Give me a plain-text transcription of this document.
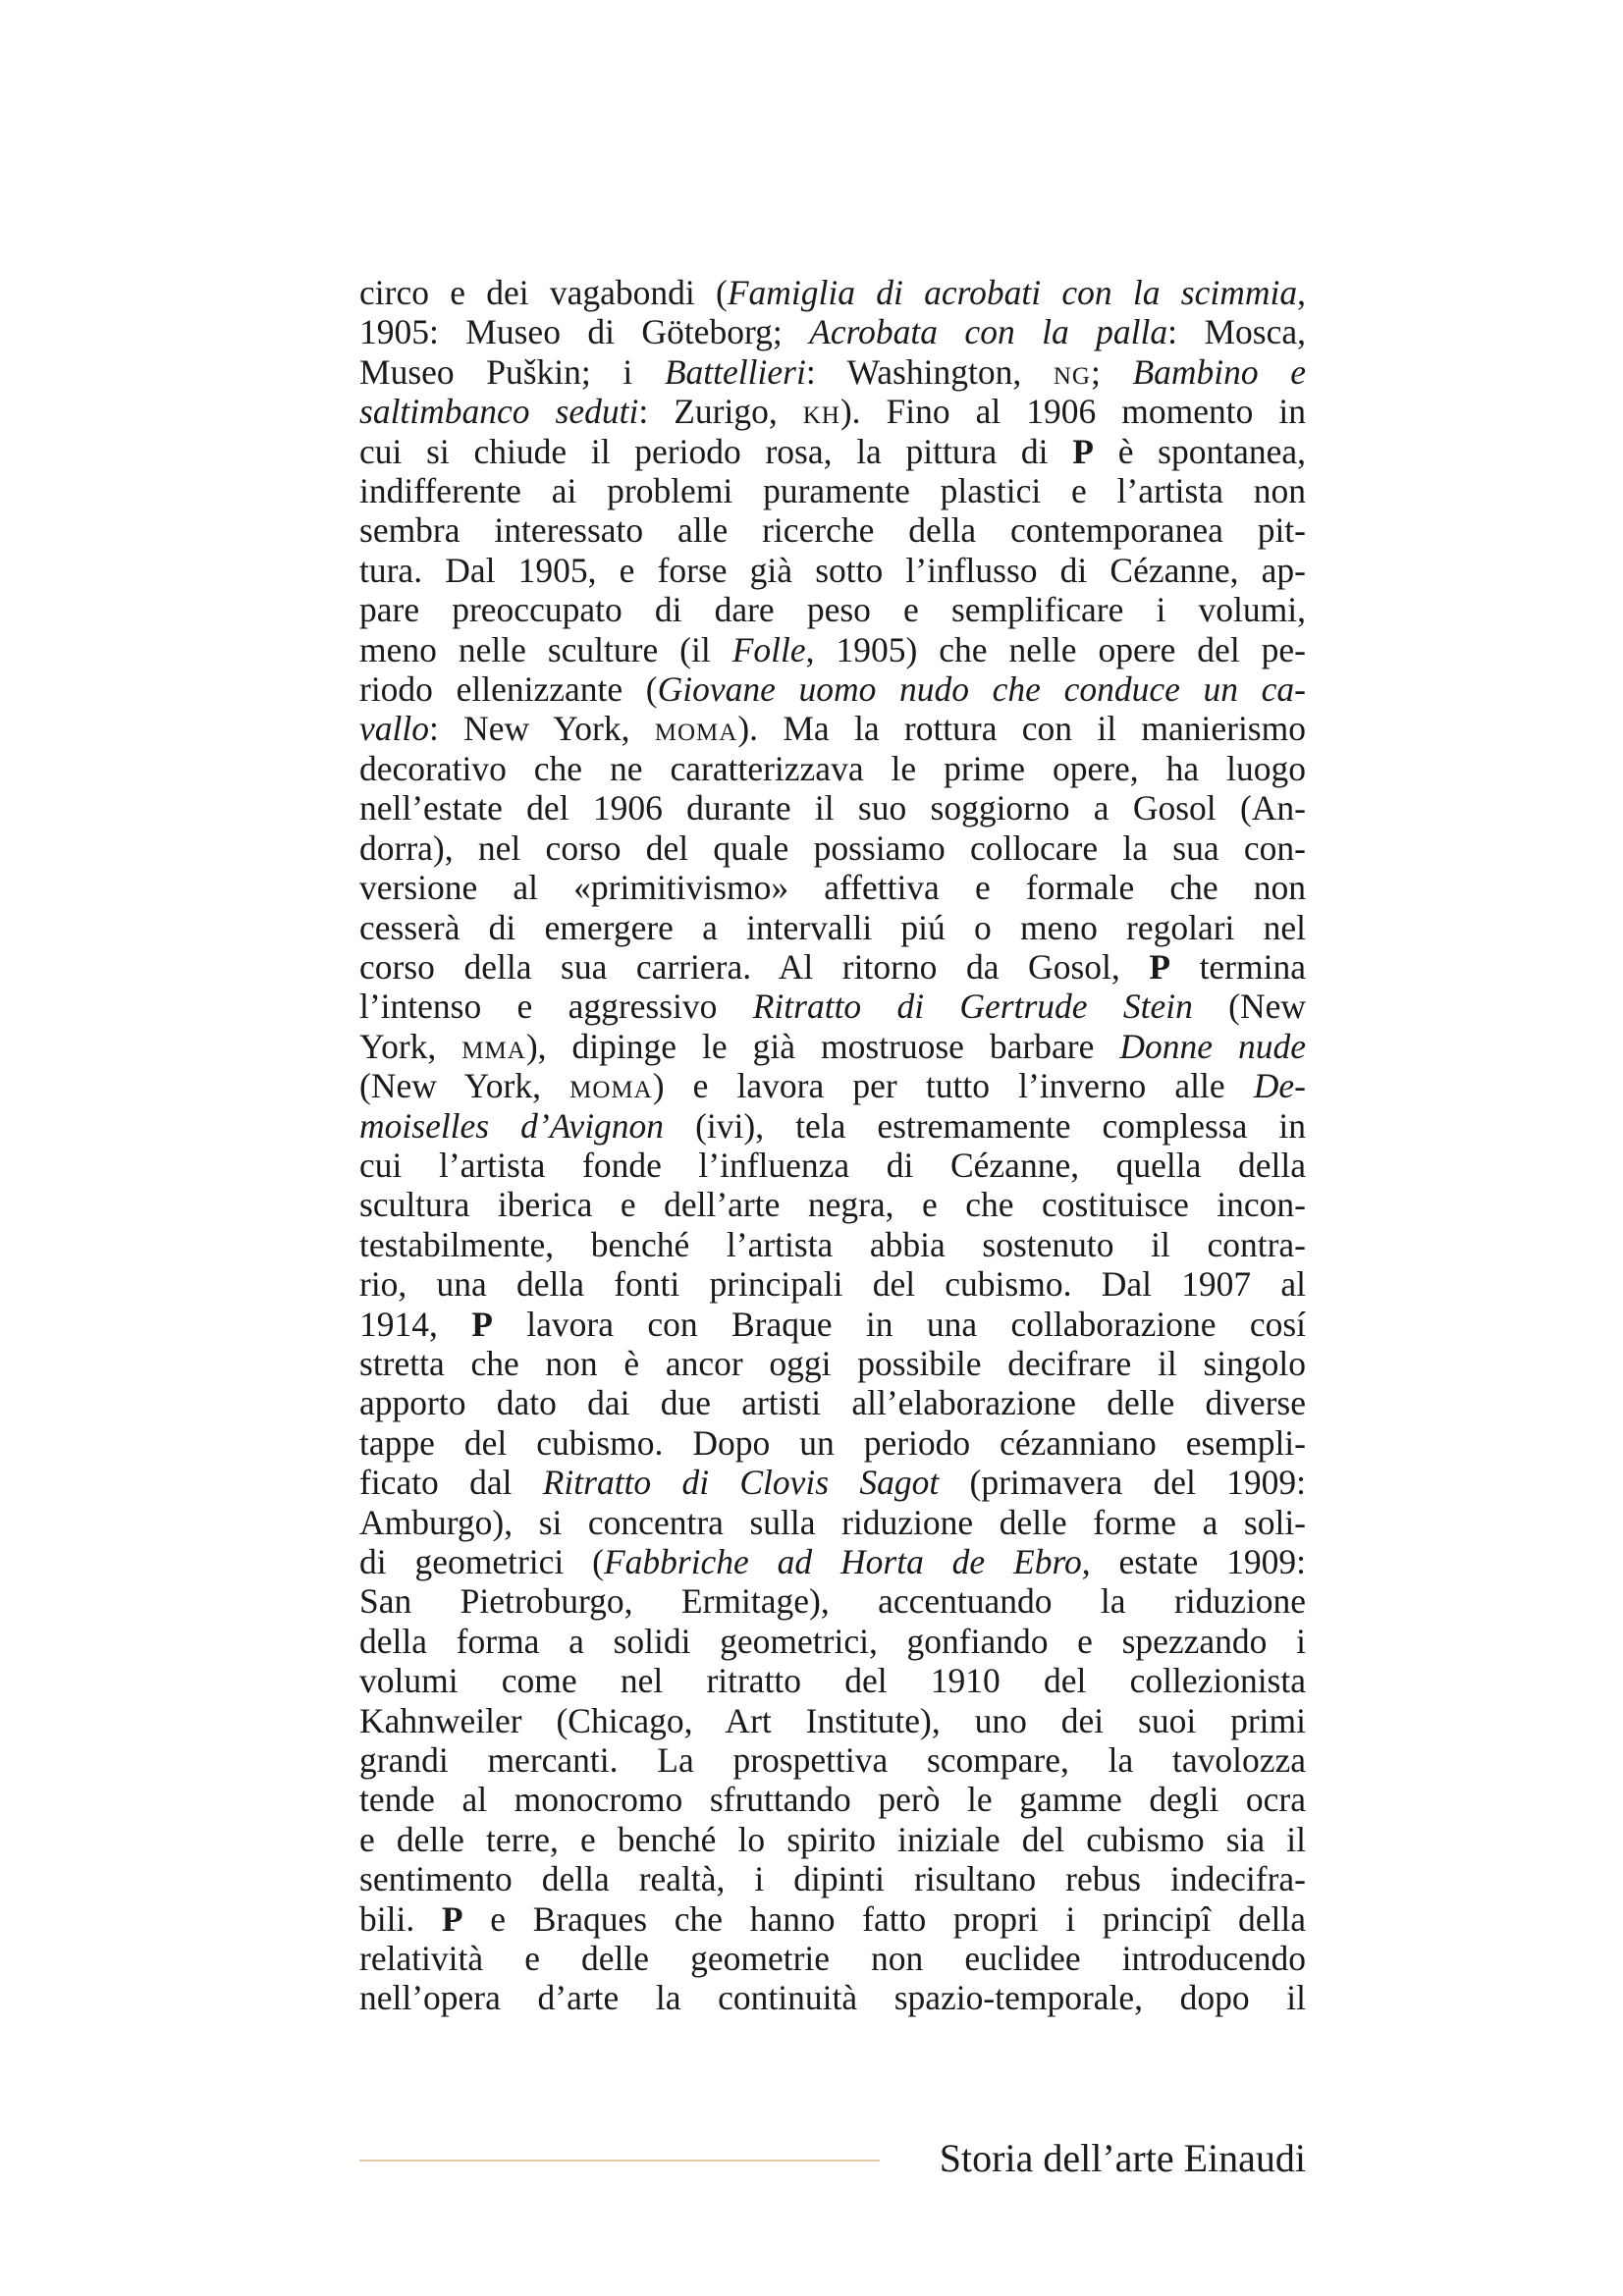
circo e dei vagabondi (Famiglia di acrobati con la scimmia,
1905: Museo di Göteborg; Acrobata con la palla: Mosca,
Museo Puškin; i Battellieri: Washington, ng; Bambino e
saltimbanco seduti: Zurigo, kh). Fino al 1906 momento in
cui si chiude il periodo rosa, la pittura di P è spontanea,
indifferente ai problemi puramente plastici e l’artista non
sembra interessato alle ricerche della contemporanea pit-
tura. Dal 1905, e forse già sotto l’influsso di Cézanne, ap-
pare preoccupato di dare peso e semplificare i volumi,
meno nelle sculture (il Folle, 1905) che nelle opere del pe-
riodo ellenizzante (Giovane uomo nudo che conduce un ca-
vallo: New York, moma). Ma la rottura con il manierismo
decorativo che ne caratterizzava le prime opere, ha luogo
nell’estate del 1906 durante il suo soggiorno a Gosol (An-
dorra), nel corso del quale possiamo collocare la sua con-
versione al «primitivismo» affettiva e formale che non
cesserà di emergere a intervalli piú o meno regolari nel
corso della sua carriera. Al ritorno da Gosol, P termina
l’intenso e aggressivo Ritratto di Gertrude Stein (New
York, mma), dipinge le già mostruose barbare Donne nude
(New York, moma) e lavora per tutto l’inverno alle De-
moiselles d’Avignon (ivi), tela estremamente complessa in
cui l’artista fonde l’influenza di Cézanne, quella della
scultura iberica e dell’arte negra, e che costituisce incon-
testabilmente, benché l’artista abbia sostenuto il contra-
rio, una della fonti principali del cubismo. Dal 1907 al
1914, P lavora con Braque in una collaborazione cosí
stretta che non è ancor oggi possibile decifrare il singolo
apporto dato dai due artisti all’elaborazione delle diverse
tappe del cubismo. Dopo un periodo cézanniano esempli-
ficato dal Ritratto di Clovis Sagot (primavera del 1909:
Amburgo), si concentra sulla riduzione delle forme a soli-
di geometrici (Fabbriche ad Horta de Ebro, estate 1909:
San Pietroburgo, Ermitage), accentuando la riduzione
della forma a solidi geometrici, gonfiando e spezzando i
volumi come nel ritratto del 1910 del collezionista
Kahnweiler (Chicago, Art Institute), uno dei suoi primi
grandi mercanti. La prospettiva scompare, la tavolozza
tende al monocromo sfruttando però le gamme degli ocra
e delle terre, e benché lo spirito iniziale del cubismo sia il
sentimento della realtà, i dipinti risultano rebus indecifra-
bili. P e Braques che hanno fatto propri i principî della
relatività e delle geometrie non euclidee introducendo
nell’opera d’arte la continuità spazio-temporale, dopo il
Storia dell’arte Einaudi
